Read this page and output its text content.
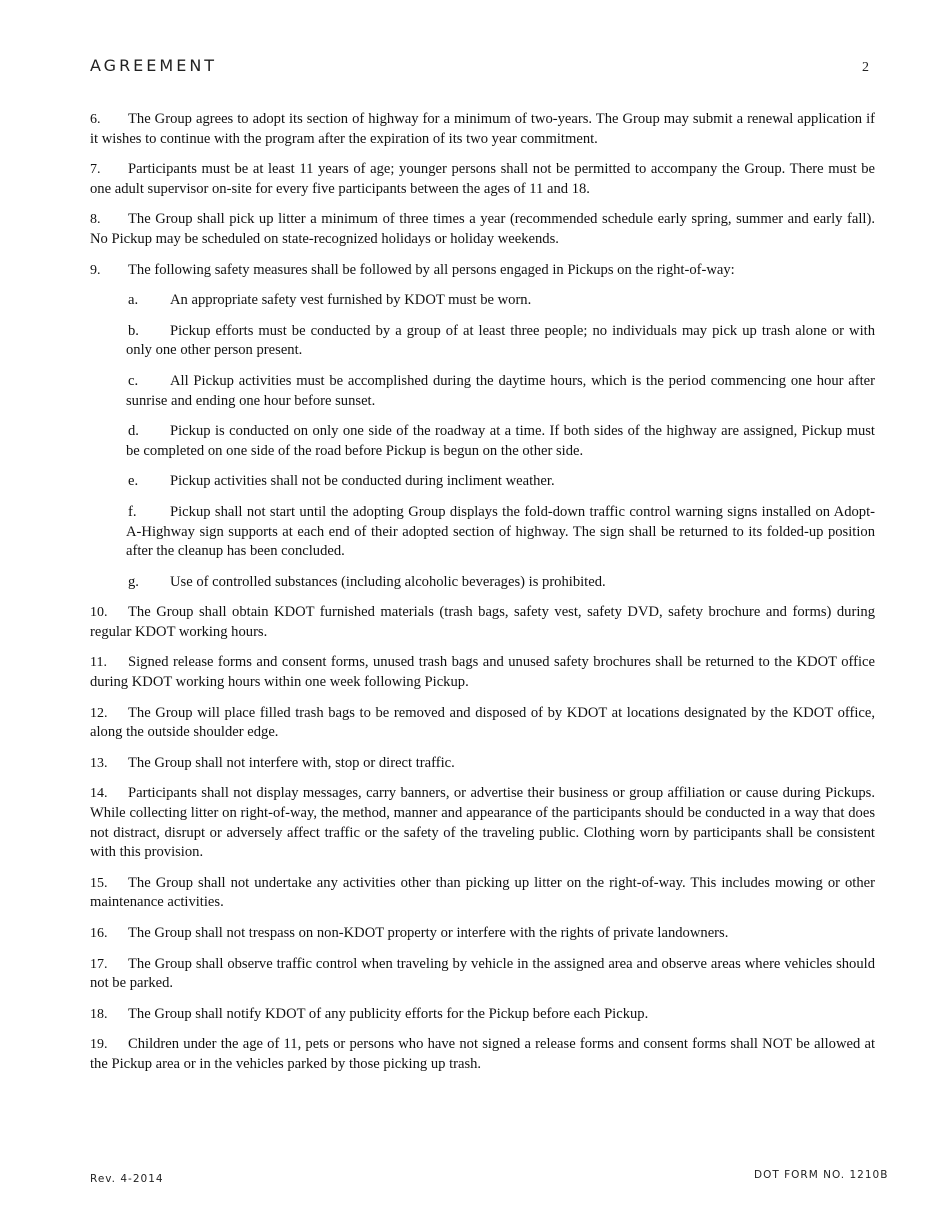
AGREEMENT	2

6. The Group agrees to adopt its section of highway for a minimum of two-years. The Group may submit a renewal application if it wishes to continue with the program after the expiration of its two year commitment.

7. Participants must be at least 11 years of age; younger persons shall not be permitted to accompany the Group. There must be one adult supervisor on-site for every five participants between the ages of 11 and 18.

8. The Group shall pick up litter a minimum of three times a year (recommended schedule early spring, summer and early fall). No Pickup may be scheduled on state-recognized holidays or holiday weekends.

9. The following safety measures shall be followed by all persons engaged in Pickups on the right-of-way:

a. An appropriate safety vest furnished by KDOT must be worn.

b. Pickup efforts must be conducted by a group of at least three people; no individuals may pick up trash alone or with only one other person present.

c. All Pickup activities must be accomplished during the daytime hours, which is the period commencing one hour after sunrise and ending one hour before sunset.

d. Pickup is conducted on only one side of the roadway at a time. If both sides of the highway are assigned, Pickup must be completed on one side of the road before Pickup is begun on the other side.

e. Pickup activities shall not be conducted during incliment weather.

f. Pickup shall not start until the adopting Group displays the fold-down traffic control warning signs installed on Adopt-A-Highway sign supports at each end of their adopted section of highway. The sign shall be returned to its folded-up position after the cleanup has been concluded.

g. Use of controlled substances (including alcoholic beverages) is prohibited.

10. The Group shall obtain KDOT furnished materials (trash bags, safety vest, safety DVD, safety brochure and forms) during regular KDOT working hours.

11. Signed release forms and consent forms, unused trash bags and unused safety brochures shall be returned to the KDOT office during KDOT working hours within one week following Pickup.

12. The Group will place filled trash bags to be removed and disposed of by KDOT at locations designated by the KDOT office, along the outside shoulder edge.

13. The Group shall not interfere with, stop or direct traffic.

14. Participants shall not display messages, carry banners, or advertise their business or group affiliation or cause during Pickups. While collecting litter on right-of-way, the method, manner and appearance of the participants should be conducted in a way that does not distract, disrupt or adversely affect traffic or the safety of the traveling public. Clothing worn by participants shall be consistent with this provision.

15. The Group shall not undertake any activities other than picking up litter on the right-of-way. This includes mowing or other maintenance activities.

16. The Group shall not trespass on non-KDOT property or interfere with the rights of private landowners.

17. The Group shall observe traffic control when traveling by vehicle in the assigned area and observe areas where vehicles should not be parked.

18. The Group shall notify KDOT of any publicity efforts for the Pickup before each Pickup.

19. Children under the age of 11, pets or persons who have not signed a release forms and consent forms shall NOT be allowed at the Pickup area or in the vehicles parked by those picking up trash.

Rev. 4-2014	DOT FORM NO. 1210B
